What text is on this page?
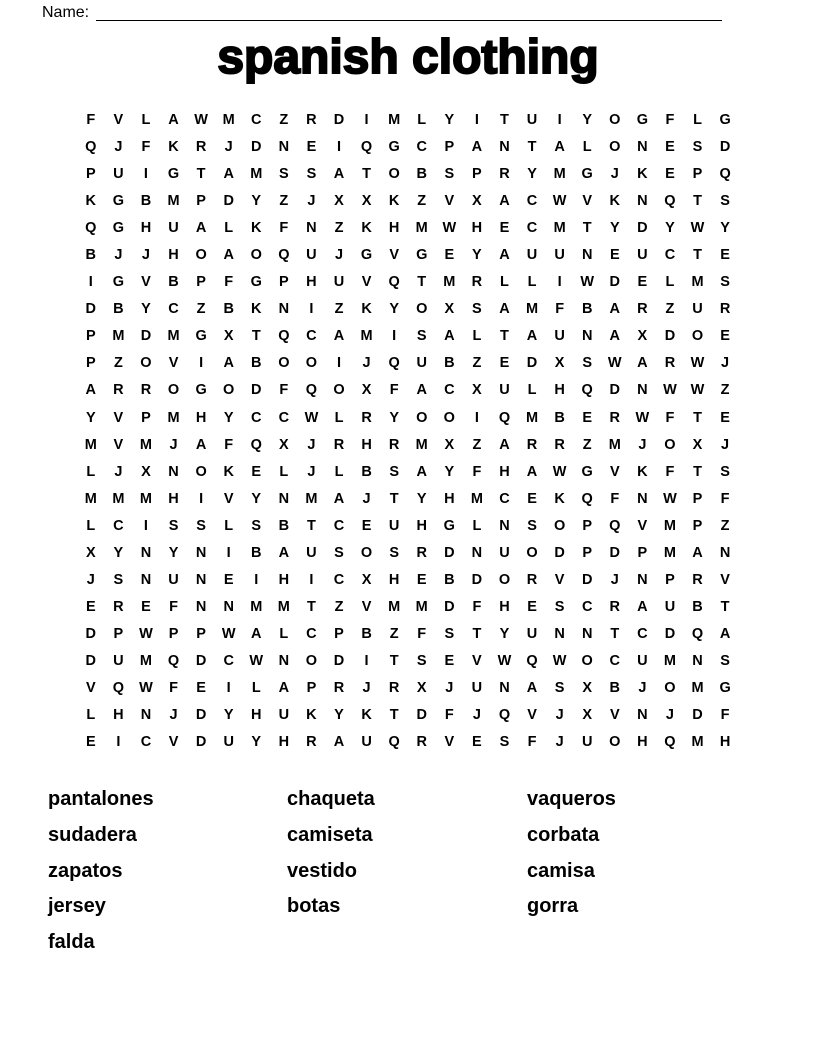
Name:
spanish clothing
F	V	L	A	W	M	C	Z	R	D	I	M	L	Y	I	T	U	I	Y	O	G	F	L	G
Q	J	F	K	R	J	D	N	E	I	Q	G	C	P	A	N	T	A	L	O	N	E	S	D
P	U	I	G	T	A	M	S	S	A	T	O	B	S	P	R	Y	M	G	J	K	E	P	Q
K	G	B	M	P	D	Y	Z	J	X	X	K	Z	V	X	A	C	W	V	K	N	Q	T	S
Q	G	H	U	A	L	K	F	N	Z	K	H	M	W	H	E	C	M	T	Y	D	Y	W	Y
B	J	J	H	O	A	O	Q	U	J	G	V	G	E	Y	A	U	U	N	E	U	C	T	E
I	G	V	B	P	F	G	P	H	U	V	Q	T	M	R	L	L	I	W	D	E	L	M	S
D	B	Y	C	Z	B	K	N	I	Z	K	Y	O	X	S	A	M	F	B	A	R	Z	U	R
P	M	D	M	G	X	T	Q	C	A	M	I	S	A	L	T	A	U	N	A	X	D	O	E
P	Z	O	V	I	A	B	O	O	I	J	Q	U	B	Z	E	D	X	S	W	A	R	W	J
A	R	R	O	G	O	D	F	Q	O	X	F	A	C	X	U	L	H	Q	D	N	W W	Z
Y	V	P	M	H	Y	C	C	W	L	R	Y	O	O	I	Q	M	B	E	R	W	F	T	E
M	V	M	J	A	F	Q	X	J	R	H	R	M	X	Z	A	R	R	Z	M	J	O	X	J
L	J	X	N	O	K	E	L	J	L	B	S	A	Y	F	H	A	W	G	V	K	F	T	S
M	M	M	H	I	V	Y	N	M	A	J	T	Y	H	M	C	E	K	Q	F	N	W	P	F
L	C	I	S	S	L	S	B	T	C	E	U	H	G	L	N	S	O	P	Q	V	M	P	Z
X	Y	N	Y	N	I	B	A	U	S	O	S	R	D	N	U	O	D	P	D	P	M	A	N
J	S	N	U	N	E	I	H	I	C	X	H	E	B	D	O	R	V	D	J	N	P	R	V
E	R	E	F	N	N	M	M	T	Z	V	M	M	D	F	H	E	S	C	R	A	U	B	T
D	P	W	P	P	W	A	L	C	P	B	Z	F	S	T	Y	U	N	N	T	C	D	Q	A
D	U	M	Q	D	C	W	N	O	D	I	T	S	E	V	W	Q	W	O	C	U	M	N	S
V	Q	W	F	E	I	L	A	P	R	J	R	X	J	U	N	A	S	X	B	J	O	M	G
L	H	N	J	D	Y	H	U	K	Y	K	T	D	F	J	Q	V	J	X	V	N	J	D	F
E	I	C	V	D	U	Y	H	R	A	U	Q	R	V	E	S	F	J	U	O	H	Q	M	H
pantalones
sudadera
zapatos
jersey
falda
chaqueta
camiseta
vestido
botas
vaqueros
corbata
camisa
gorra
